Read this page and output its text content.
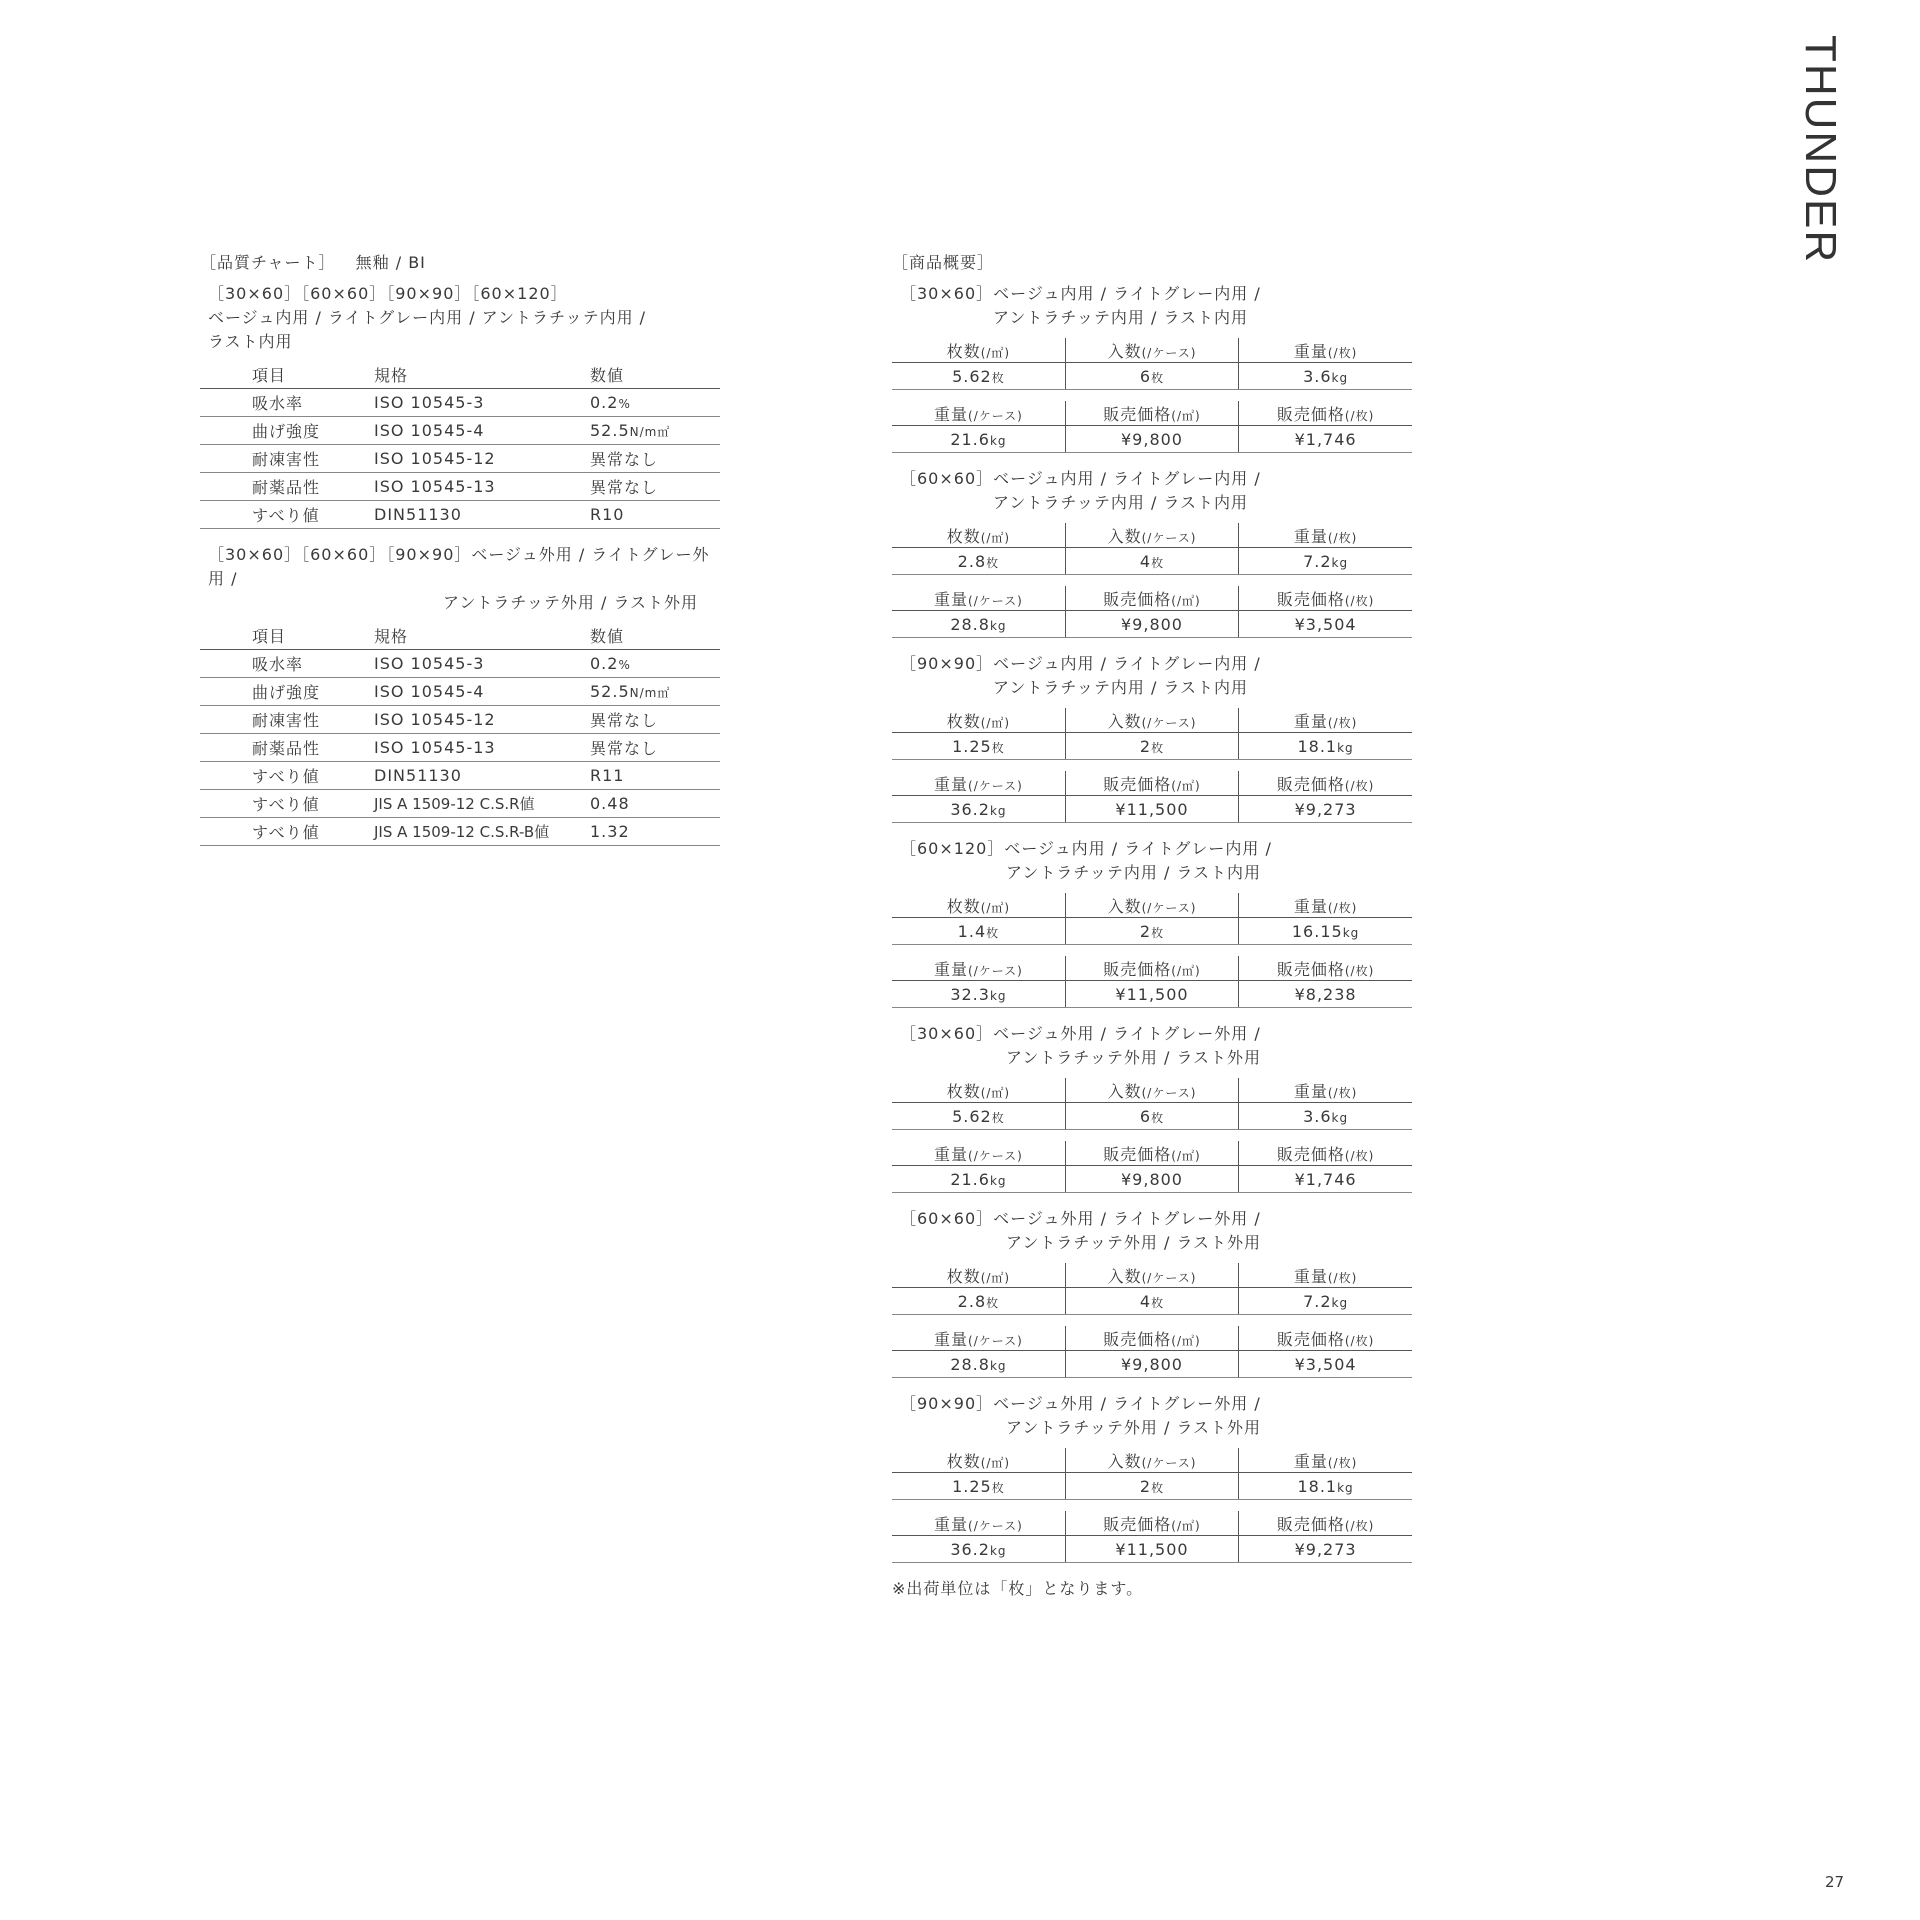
THUNDER
27
［品質チャート］ 無釉 / BⅠ
［30×60］［60×60］［90×90］［60×120］
ベージュ内用 / ライトグレー内用 / アントラチッテ内用 /
ラスト内用
項目	規格	数値
吸水率	ISO 10545-3	0.2%
曲げ強度	ISO 10545-4	52.5N/m㎡
耐凍害性	ISO 10545-12	異常なし
耐薬品性	ISO 10545-13	異常なし
すべり値	DIN51130	R10
［30×60］［60×60］［90×90］ベージュ外用 / ライトグレー外用 /
アントラチッテ外用 / ラスト外用
項目	規格	数値
吸水率	ISO 10545-3	0.2%
曲げ強度	ISO 10545-4	52.5N/m㎡
耐凍害性	ISO 10545-12	異常なし
耐薬品性	ISO 10545-13	異常なし
すべり値	DIN51130	R11
すべり値	JIS A 1509-12 C.S.R値	0.48
すべり値	JIS A 1509-12 C.S.R-B値	1.32
［商品概要］
［30×60］ベージュ内用 / ライトグレー内用 /
アントラチッテ内用 / ラスト内用
枚数(/㎡)	入数(/ケース)	重量(/枚)
5.62枚	6枚	3.6kg

重量(/ケース)	販売価格(/㎡)	販売価格(/枚)
21.6kg	¥9,800	¥1,746
［60×60］ベージュ内用 / ライトグレー内用 /
アントラチッテ内用 / ラスト内用
枚数(/㎡)	入数(/ケース)	重量(/枚)
2.8枚	4枚	7.2kg

重量(/ケース)	販売価格(/㎡)	販売価格(/枚)
28.8kg	¥9,800	¥3,504
［90×90］ベージュ内用 / ライトグレー内用 /
アントラチッテ内用 / ラスト内用
枚数(/㎡)	入数(/ケース)	重量(/枚)
1.25枚	2枚	18.1kg

重量(/ケース)	販売価格(/㎡)	販売価格(/枚)
36.2kg	¥11,500	¥9,273
［60×120］ベージュ内用 / ライトグレー内用 /
アントラチッテ内用 / ラスト内用
枚数(/㎡)	入数(/ケース)	重量(/枚)
1.4枚	2枚	16.15kg

重量(/ケース)	販売価格(/㎡)	販売価格(/枚)
32.3kg	¥11,500	¥8,238
［30×60］ベージュ外用 / ライトグレー外用 /
アントラチッテ外用 / ラスト外用
枚数(/㎡)	入数(/ケース)	重量(/枚)
5.62枚	6枚	3.6kg

重量(/ケース)	販売価格(/㎡)	販売価格(/枚)
21.6kg	¥9,800	¥1,746
［60×60］ベージュ外用 / ライトグレー外用 /
アントラチッテ外用 / ラスト外用
枚数(/㎡)	入数(/ケース)	重量(/枚)
2.8枚	4枚	7.2kg

重量(/ケース)	販売価格(/㎡)	販売価格(/枚)
28.8kg	¥9,800	¥3,504
［90×90］ベージュ外用 / ライトグレー外用 /
アントラチッテ外用 / ラスト外用
枚数(/㎡)	入数(/ケース)	重量(/枚)
1.25枚	2枚	18.1kg

重量(/ケース)	販売価格(/㎡)	販売価格(/枚)
36.2kg	¥11,500	¥9,273
※出荷単位は「枚」となります。
